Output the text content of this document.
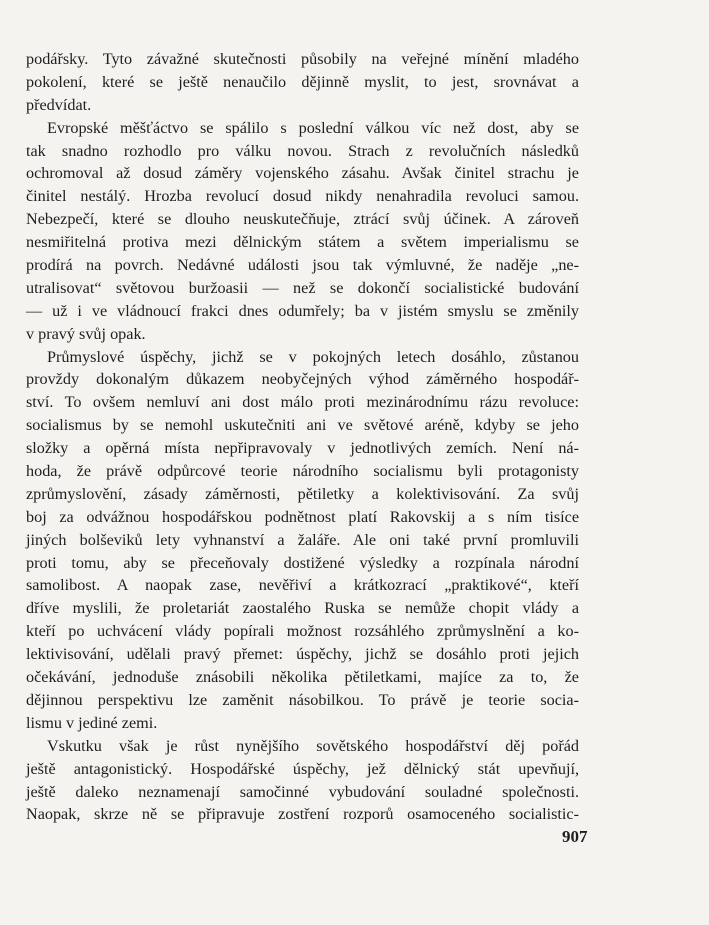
podářsky. Tyto závažné skutečnosti působily na veřejné mínění mladého
pokolení, které se ještě nenaučilo dějinně myslit, to jest, srovnávat a
předvídat.
Evropské měšťáctvo se spálilo s poslední válkou víc než dost, aby se
tak snadno rozhodlo pro válku novou. Strach z revolučních následků
ochromoval až dosud záměry vojenského zásahu. Avšak činitel strachu je
činitel nestálý. Hrozba revolucí dosud nikdy nenahradila revoluci samou.
Nebezpečí, které se dlouho neuskutečňuje, ztrácí svůj účinek. A zároveň
nesmiřitelná protiva mezi dělnickým státem a světem imperialismu se
prodírá na povrch. Nedávné události jsou tak výmluvné, že naděje „ne-
utralisovat“ světovou buržoasii — než se dokončí socialistické budování
— už i ve vládnoucí frakci dnes odumřely; ba v jistém smyslu se změnily
v pravý svůj opak.
Průmyslové úspěchy, jichž se v pokojných letech dosáhlo, zůstanou
provždy dokonalým důkazem neobyčejných výhod záměrného hospodář-
ství. To ovšem nemluví ani dost málo proti mezinárodnímu rázu revoluce:
socialismus by se nemohl uskutečniti ani ve světové aréně, kdyby se jeho
složky a opěrná místa nepřipravovaly v jednotlivých zemích. Není ná-
hoda, že právě odpůrcové teorie národního socialismu byli protagonisty
zprůmyslovění, zásady záměrnosti, pětiletky a kolektivisování. Za svůj
boj za odvážnou hospodářskou podnětnost platí Rakovskij a s ním tisíce
jiných bolševiků lety vyhnanství a žaláře. Ale oni také první promluvili
proti tomu, aby se přeceňovaly dostižené výsledky a rozpínala národní
samolibost. A naopak zase, nevěřiví a krátkozrací „praktikové“, kteří
dříve myslili, že proletariát zaostalého Ruska se nemůže chopit vlády a
kteří po uchvácení vlády popírali možnost rozsáhlého zprůmyslnění a ko-
lektivisování, udělali pravý přemet: úspěchy, jichž se dosáhlo proti jejich
očekávání, jednoduše znásobili několika pětiletkami, majíce za to, že
dějinnou perspektivu lze zaměnit násobilkou. To právě je teorie socia-
lismu v jediné zemi.
Vskutku však je růst nynějšího sovětského hospodářství děj pořád
ještě antagonistický. Hospodářské úspěchy, jež dělnický stát upevňují,
ještě daleko neznamenají samočinné vybudování souladné společnosti.
Naopak, skrze ně se připravuje zostření rozporů osamoceného socialistic-
907
